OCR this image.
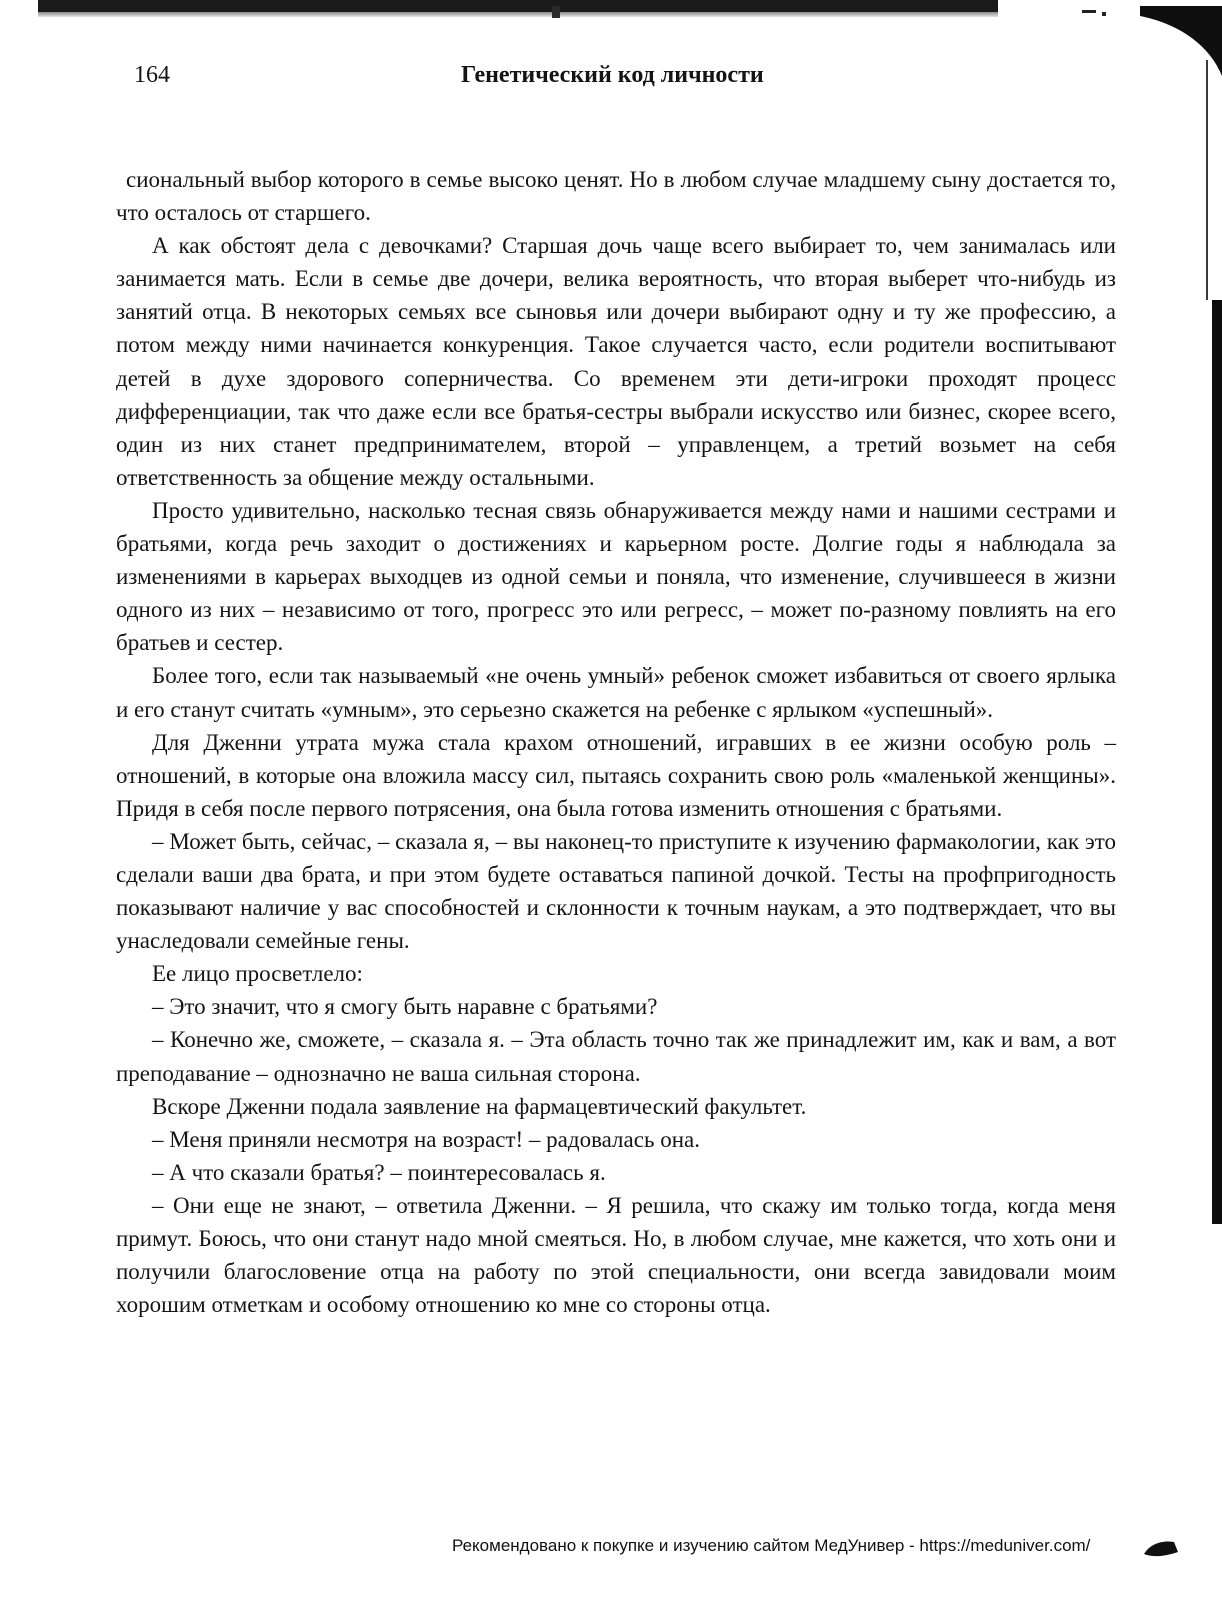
164	Генетический код личности

сиональный выбор которого в семье высоко ценят. Но в любом случае младшему сыну достается то, что осталось от старшего.

А как обстоят дела с девочками? Старшая дочь чаще всего выбирает то, чем занималась или занимается мать. Если в семье две дочери, велика вероятность, что вторая выберет что-нибудь из занятий отца. В некоторых семьях все сыновья или дочери выбирают одну и ту же профессию, а потом между ними начинается конкуренция. Такое случается часто, если родители воспитывают детей в духе здорового соперничества. Со временем эти дети-игроки проходят процесс дифференциации, так что даже если все братья-сестры выбрали искусство или бизнес, скорее всего, один из них станет предпринимателем, второй – управленцем, а третий возьмет на себя ответственность за общение между остальными.

Просто удивительно, насколько тесная связь обнаруживается между нами и нашими сестрами и братьями, когда речь заходит о достижениях и карьерном росте. Долгие годы я наблюдала за изменениями в карьерах выходцев из одной семьи и поняла, что изменение, случившееся в жизни одного из них – независимо от того, прогресс это или регресс, – может по-разному повлиять на его братьев и сестер.

Более того, если так называемый «не очень умный» ребенок сможет избавиться от своего ярлыка и его станут считать «умным», это серьезно скажется на ребенке с ярлыком «успешный».

Для Дженни утрата мужа стала крахом отношений, игравших в ее жизни особую роль – отношений, в которые она вложила массу сил, пытаясь сохранить свою роль «маленькой женщины». Придя в себя после первого потрясения, она была готова изменить отношения с братьями.

– Может быть, сейчас, – сказала я, – вы наконец-то приступите к изучению фармакологии, как это сделали ваши два брата, и при этом будете оставаться папиной дочкой. Тесты на профпригодность показывают наличие у вас способностей и склонности к точным наукам, а это подтверждает, что вы унаследовали семейные гены.

Ее лицо просветлело:

– Это значит, что я смогу быть наравне с братьями?

– Конечно же, сможете, – сказала я. – Эта область точно так же принадлежит им, как и вам, а вот преподавание – однозначно не ваша сильная сторона.

Вскоре Дженни подала заявление на фармацевтический факультет.

– Меня приняли несмотря на возраст! – радовалась она.

– А что сказали братья? – поинтересовалась я.

– Они еще не знают, – ответила Дженни. – Я решила, что скажу им только тогда, когда меня примут. Боюсь, что они станут надо мной смеяться. Но, в любом случае, мне кажется, что хоть они и получили благословение отца на работу по этой специальности, они всегда завидовали моим хорошим отметкам и особому отношению ко мне со стороны отца.

Рекомендовано к покупке и изучению сайтом МедУнивер - https://meduniver.com/
